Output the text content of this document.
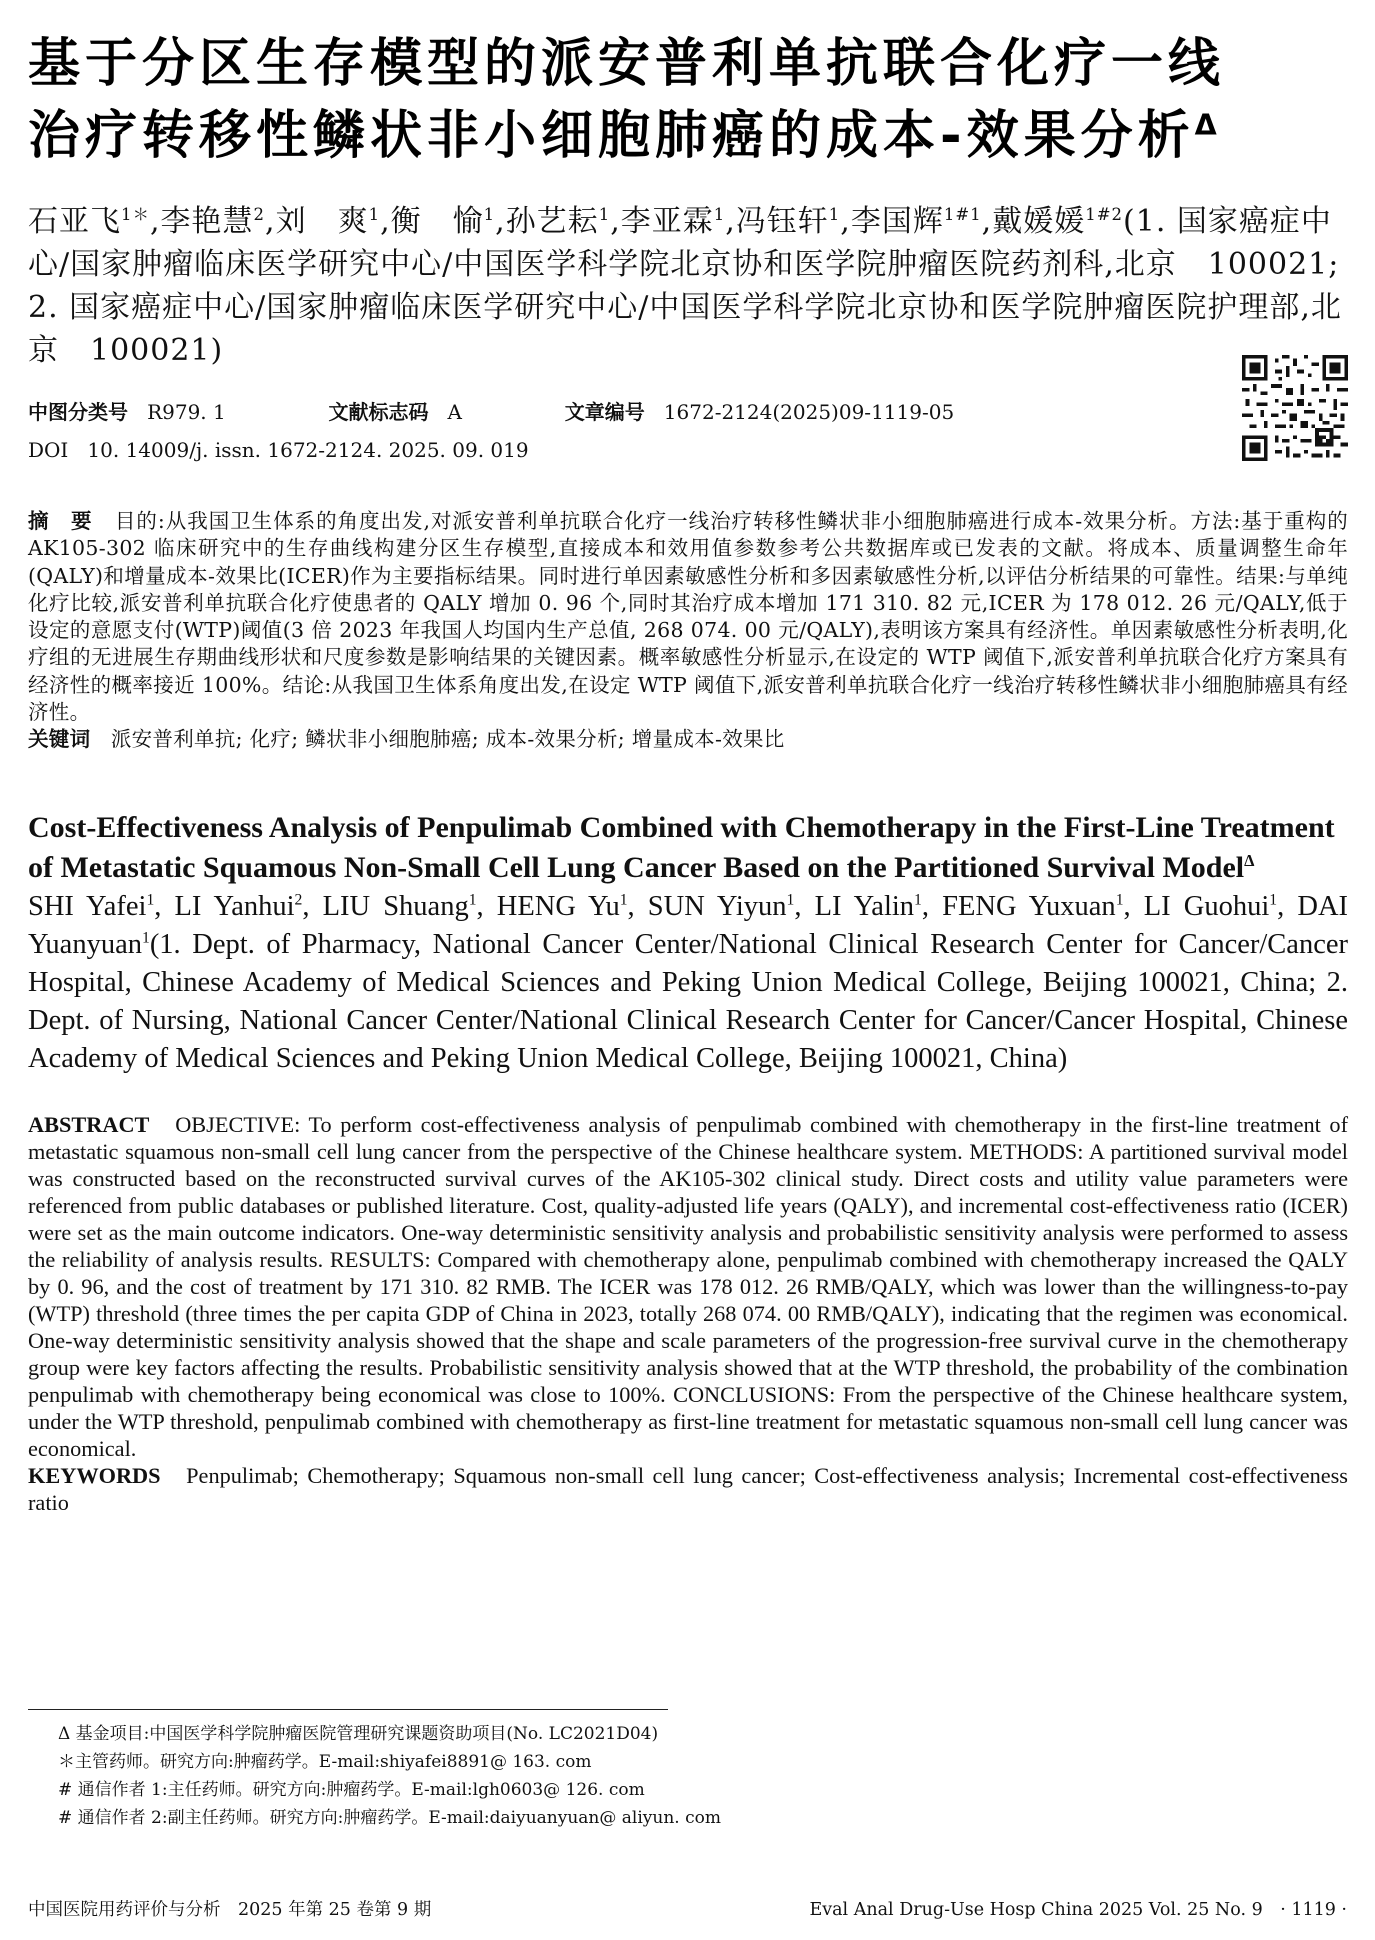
基于分区生存模型的派安普利单抗联合化疗一线
治疗转移性鳞状非小细胞肺癌的成本-效果分析$^\Delta$
石亚飞$^{1*}$,李艳慧$^2$,刘　爽$^1$,衡　愉$^1$,孙艺耘$^1$,李亚霖$^1$,冯钰轩$^1$,李国辉$^{1\#1}$,戴媛媛$^{1\#2}$(1. 国家癌症中心/国家肿瘤临床医学研究中心/中国医学科学院北京协和医学院肿瘤医院药剂科,北京　100021; 2. 国家癌症中心/国家肿瘤临床医学研究中心/中国医学科学院北京协和医学院肿瘤医院护理部,北京　100021)
中图分类号 R979. 1	文献标志码 A	文章编号 1672-2124(2025)09-1119-05
DOI 10. 14009/j. issn. 1672-2124. 2025. 09. 019
摘　要 目的:从我国卫生体系的角度出发,对派安普利单抗联合化疗一线治疗转移性鳞状非小细胞肺癌进行成本-效果分析。方法:基于重构的 AK105-302 临床研究中的生存曲线构建分区生存模型,直接成本和效用值参数参考公共数据库或已发表的文献。将成本、质量调整生命年(QALY)和增量成本-效果比(ICER)作为主要指标结果。同时进行单因素敏感性分析和多因素敏感性分析,以评估分析结果的可靠性。结果:与单纯化疗比较,派安普利单抗联合化疗使患者的 QALY 增加 0. 96 个,同时其治疗成本增加 171 310. 82 元,ICER 为 178 012. 26 元/QALY,低于设定的意愿支付(WTP)阈值(3 倍 2023 年我国人均国内生产总值, 268 074. 00 元/QALY),表明该方案具有经济性。单因素敏感性分析表明,化疗组的无进展生存期曲线形状和尺度参数是影响结果的关键因素。概率敏感性分析显示,在设定的 WTP 阈值下,派安普利单抗联合化疗方案具有经济性的概率接近 100%。结论:从我国卫生体系角度出发,在设定 WTP 阈值下,派安普利单抗联合化疗一线治疗转移性鳞状非小细胞肺癌具有经济性。
关键词 派安普利单抗; 化疗; 鳞状非小细胞肺癌; 成本-效果分析; 增量成本-效果比
Cost-Effectiveness Analysis of Penpulimab Combined with Chemotherapy in the First-Line Treatment of Metastatic Squamous Non-Small Cell Lung Cancer Based on the Partitioned Survival Model$^\Delta$
SHI Yafei$^1$, LI Yanhui$^2$, LIU Shuang$^1$, HENG Yu$^1$, SUN Yiyun$^1$, LI Yalin$^1$, FENG Yuxuan$^1$, LI Guohui$^1$, DAI Yuanyuan$^1$(1. Dept. of Pharmacy, National Cancer Center/National Clinical Research Center for Cancer/Cancer Hospital, Chinese Academy of Medical Sciences and Peking Union Medical College, Beijing 100021, China; 2. Dept. of Nursing, National Cancer Center/National Clinical Research Center for Cancer/Cancer Hospital, Chinese Academy of Medical Sciences and Peking Union Medical College, Beijing 100021, China)
ABSTRACT OBJECTIVE: To perform cost-effectiveness analysis of penpulimab combined with chemotherapy in the first-line treatment of metastatic squamous non-small cell lung cancer from the perspective of the Chinese healthcare system. METHODS: A partitioned survival model was constructed based on the reconstructed survival curves of the AK105-302 clinical study. Direct costs and utility value parameters were referenced from public databases or published literature. Cost, quality-adjusted life years (QALY), and incremental cost-effectiveness ratio (ICER) were set as the main outcome indicators. One-way deterministic sensitivity analysis and probabilistic sensitivity analysis were performed to assess the reliability of analysis results. RESULTS: Compared with chemotherapy alone, penpulimab combined with chemotherapy increased the QALY by 0. 96, and the cost of treatment by 171 310. 82 RMB. The ICER was 178 012. 26 RMB/QALY, which was lower than the willingness-to-pay (WTP) threshold (three times the per capita GDP of China in 2023, totally 268 074. 00 RMB/QALY), indicating that the regimen was economical. One-way deterministic sensitivity analysis showed that the shape and scale parameters of the progression-free survival curve in the chemotherapy group were key factors affecting the results. Probabilistic sensitivity analysis showed that at the WTP threshold, the probability of the combination penpulimab with chemotherapy being economical was close to 100%. CONCLUSIONS: From the perspective of the Chinese healthcare system, under the WTP threshold, penpulimab combined with chemotherapy as first-line treatment for metastatic squamous non-small cell lung cancer was economical.
KEYWORDS Penpulimab; Chemotherapy; Squamous non-small cell lung cancer; Cost-effectiveness analysis; Incremental cost-effectiveness ratio
Δ 基金项目:中国医学科学院肿瘤医院管理研究课题资助项目(No. LC2021D04)
＊主管药师。研究方向:肿瘤药学。E-mail:shiyafei8891@ 163. com
# 通信作者 1:主任药师。研究方向:肿瘤药学。E-mail:lgh0603@ 126. com
# 通信作者 2:副主任药师。研究方向:肿瘤药学。E-mail:daiyuanyuan@ aliyun. com
中国医院用药评价与分析　2025 年第 25 卷第 9 期	Eval Anal Drug-Use Hosp China 2025 Vol. 25 No. 9　· 1119 ·
